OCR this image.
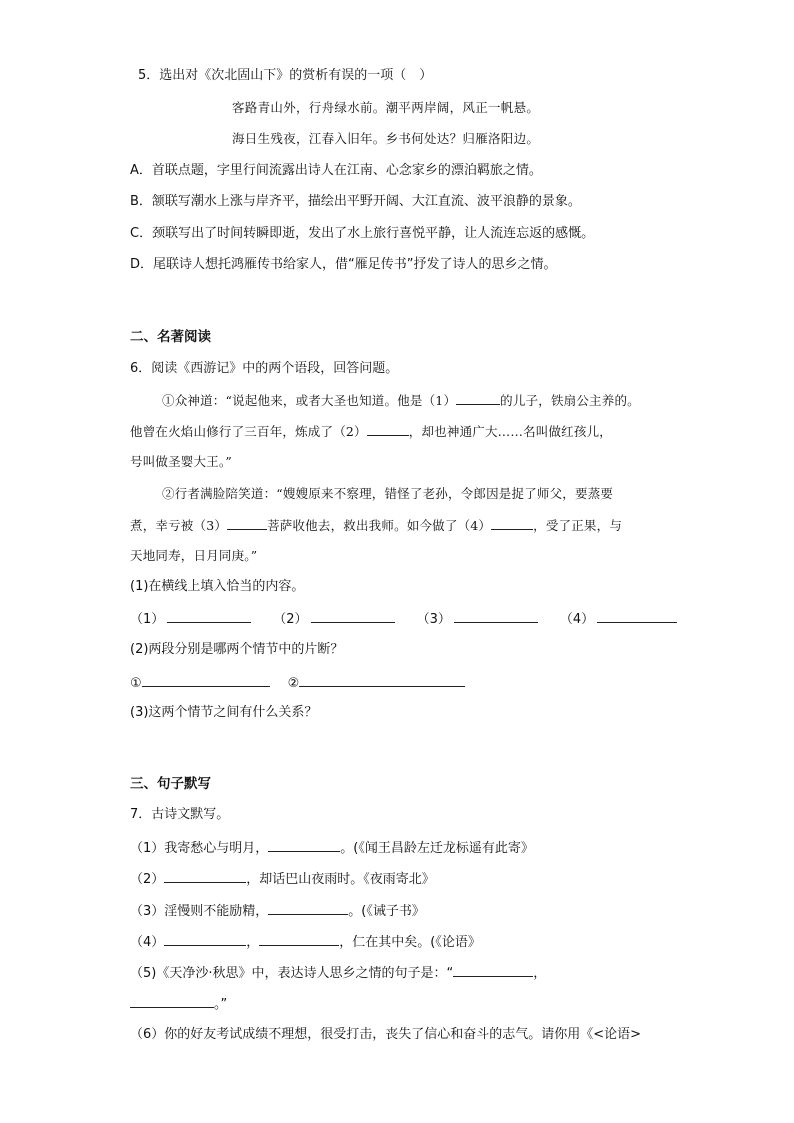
5．选出对《次北固山下》的赏析有误的一项（　）
客路青山外，行舟绿水前。潮平两岸阔，风正一帆悬。
海日生残夜，江春入旧年。乡书何处达？归雁洛阳边。
A．首联点题，字里行间流露出诗人在江南、心念家乡的漂泊羁旅之情。
B．颔联写潮水上涨与岸齐平，描绘出平野开阔、大江直流、波平浪静的景象。
C．颈联写出了时间转瞬即逝，发出了水上旅行喜悦平静，让人流连忘返的感慨。
D．尾联诗人想托鸿雁传书给家人，借“雁足传书”抒发了诗人的思乡之情。
二、名著阅读
6．阅读《西游记》中的两个语段，回答问题。
①众神道：“说起他来，或者大圣也知道。他是（1）	的儿子，铁扇公主养的。
他曾在火焰山修行了三百年，炼成了（2）	，却也神通广大……名叫做红孩儿，
号叫做圣婴大王。”
②行者满脸陪笑道：“嫂嫂原来不察理，错怪了老孙，令郎因是捉了师父，要蒸要
煮，幸亏被（3）	菩萨收他去，救出我师。如今做了（4）	，受了正果，与
天地同寿，日月同庚。”
(1)在横线上填入恰当的内容。
（1）	（2）	（3）	（4）
(2)两段分别是哪两个情节中的片断？
①	②
(3)这两个情节之间有什么关系？
三、句子默写
7．古诗文默写。
（1）我寄愁心与明月，	。(《闻王昌龄左迁龙标遥有此寄》
（2）	，却话巴山夜雨时。《夜雨寄北》
（3）淫慢则不能励精，	。(《诫子书》
（4）	，	，仁在其中矣。(《论语》
（5)《天净沙·秋思》中，表达诗人思乡之情的句子是：“	，
。”
（6）你的好友考试成绩不理想，很受打击，丧失了信心和奋斗的志气。请你用《<论语>
